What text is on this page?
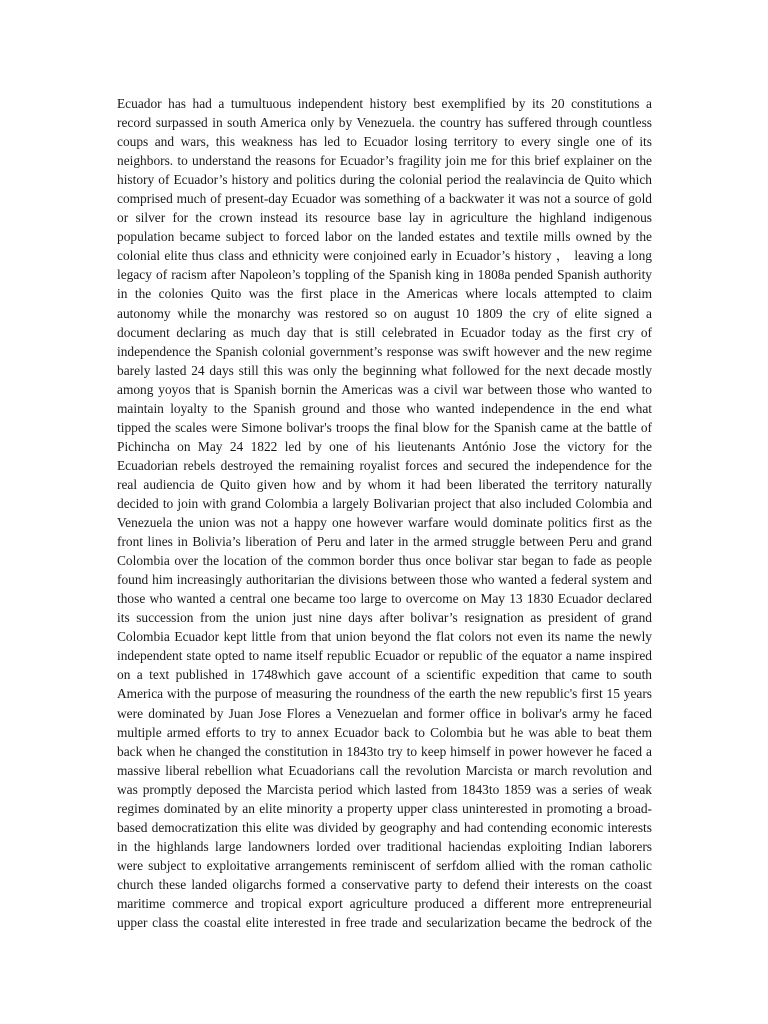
Ecuador has had a tumultuous independent history best exemplified by its 20 constitutions a
record surpassed in south America only by Venezuela. the country has suffered through countless
coups and wars, this weakness has led to Ecuador losing territory to every single one of its
neighbors. to understand the reasons for Ecuador’s fragility join me for this brief explainer on the
history of Ecuador’s history and politics during the colonial period the realavincia de Quito which
comprised much of present-day Ecuador was something of a backwater it was not a source of gold
or silver for the crown instead its resource base lay in agriculture the highland indigenous
population became subject to forced labor on the landed estates and textile mills owned by the
colonial elite thus class and ethnicity were conjoined early in Ecuador’s history ， leaving a long
legacy of racism after Napoleon’s toppling of the Spanish king in 1808a pended Spanish authority
in the colonies Quito was the first place in the Americas where locals attempted to claim
autonomy while the monarchy was restored so on august 10 1809 the cry of elite signed a
document declaring as much day that is still celebrated in Ecuador today as the first cry of
independence the Spanish colonial government’s response was swift however and the new regime
barely lasted 24 days still this was only the beginning what followed for the next decade mostly
among yoyos that is Spanish bornin the Americas was a civil war between those who wanted to
maintain loyalty to the Spanish ground and those who wanted independence in the end what
tipped the scales were Simone bolivar's troops the final blow for the Spanish came at the battle of
Pichincha on May 24 1822 led by one of his lieutenants António Jose the victory for the
Ecuadorian rebels destroyed the remaining royalist forces and secured the independence for the
real audiencia de Quito given how and by whom it had been liberated the territory naturally
decided to join with grand Colombia a largely Bolivarian project that also included Colombia and
Venezuela the union was not a happy one however warfare would dominate politics first as the
front lines in Bolivia’s liberation of Peru and later in the armed struggle between Peru and grand
Colombia over the location of the common border thus once bolivar star began to fade as people
found him increasingly authoritarian the divisions between those who wanted a federal system and
those who wanted a central one became too large to overcome on May 13 1830 Ecuador declared
its succession from the union just nine days after bolivar’s resignation as president of grand
Colombia Ecuador kept little from that union beyond the flat colors not even its name the newly
independent state opted to name itself republic Ecuador or republic of the equator a name inspired
on a text published in 1748which gave account of a scientific expedition that came to south
America with the purpose of measuring the roundness of the earth the new republic's first 15 years
were dominated by Juan Jose Flores a Venezuelan and former office in bolivar's army he faced
multiple armed efforts to try to annex Ecuador back to Colombia but he was able to beat them
back when he changed the constitution in 1843to try to keep himself in power however he faced a
massive liberal rebellion what Ecuadorians call the revolution Marcista or march revolution and
was promptly deposed the Marcista period which lasted from 1843to 1859 was a series of weak
regimes dominated by an elite minority a property upper class uninterested in promoting a broad-
based democratization this elite was divided by geography and had contending economic interests
in the highlands large landowners lorded over traditional haciendas exploiting Indian laborers
were subject to exploitative arrangements reminiscent of serfdom allied with the roman catholic
church these landed oligarchs formed a conservative party to defend their interests on the coast
maritime commerce and tropical export agriculture produced a different more entrepreneurial
upper class the coastal elite interested in free trade and secularization became the bedrock of the
